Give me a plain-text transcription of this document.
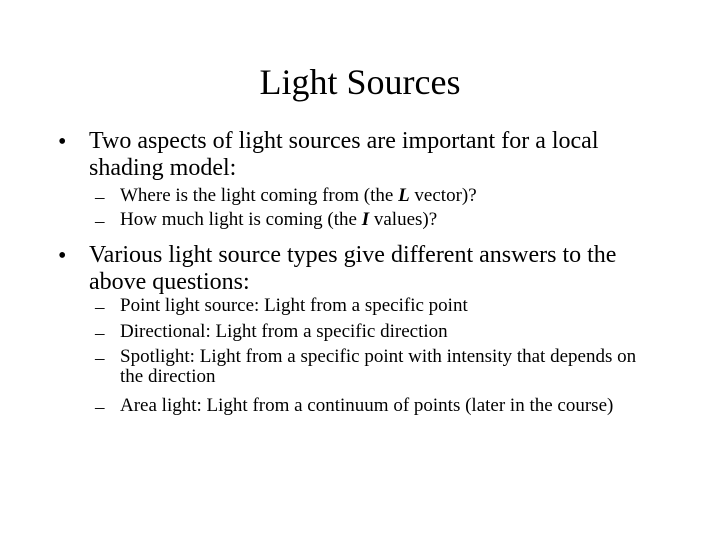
Light Sources
• Two aspects of light sources are important for a local shading model:
– Where is the light coming from (the L vector)?
– How much light is coming (the I values)?
• Various light source types give different answers to the above questions:
– Point light source: Light from a specific point
– Directional: Light from a specific direction
– Spotlight: Light from a specific point with intensity that depends on the direction
– Area light: Light from a continuum of points (later in the course)
